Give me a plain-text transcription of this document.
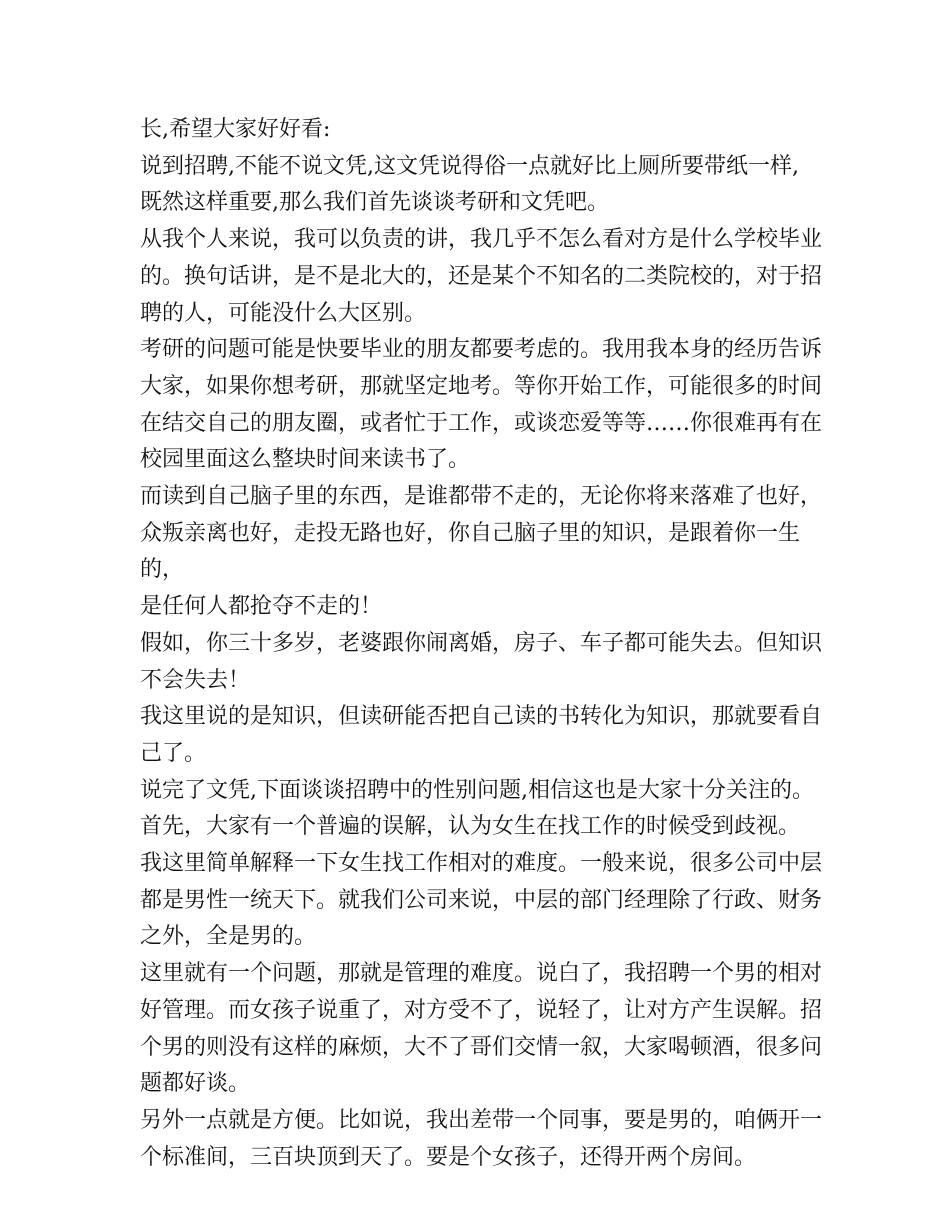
长,希望大家好好看:

说到招聘,不能不说文凭,这文凭说得俗一点就好比上厕所要带纸一样,
既然这样重要,那么我们首先谈谈考研和文凭吧。

从我个人来说，我可以负责的讲，我几乎不怎么看对方是什么学校毕业
的。换句话讲，是不是北大的，还是某个不知名的二类院校的，对于招
聘的人，可能没什么大区别。

考研的问题可能是快要毕业的朋友都要考虑的。我用我本身的经历告诉
大家，如果你想考研，那就坚定地考。等你开始工作，可能很多的时间
在结交自己的朋友圈，或者忙于工作，或谈恋爱等等……你很难再有在
校园里面这么整块时间来读书了。

而读到自己脑子里的东西，是谁都带不走的，无论你将来落难了也好，
众叛亲离也好，走投无路也好，你自己脑子里的知识，是跟着你一生的，
是任何人都抢夺不走的！

假如，你三十多岁，老婆跟你闹离婚，房子、车子都可能失去。但知识
不会失去！

我这里说的是知识，但读研能否把自己读的书转化为知识，那就要看自
己了。

说完了文凭,下面谈谈招聘中的性别问题,相信这也是大家十分关注的。

首先，大家有一个普遍的误解，认为女生在找工作的时候受到歧视。

我这里简单解释一下女生找工作相对的难度。一般来说，很多公司中层
都是男性一统天下。就我们公司来说，中层的部门经理除了行政、财务
之外，全是男的。

这里就有一个问题，那就是管理的难度。说白了，我招聘一个男的相对
好管理。而女孩子说重了，对方受不了，说轻了，让对方产生误解。招
个男的则没有这样的麻烦，大不了哥们交情一叙，大家喝顿酒，很多问
题都好谈。

另外一点就是方便。比如说，我出差带一个同事，要是男的，咱俩开一
个标准间，三百块顶到天了。要是个女孩子，还得开两个房间。
